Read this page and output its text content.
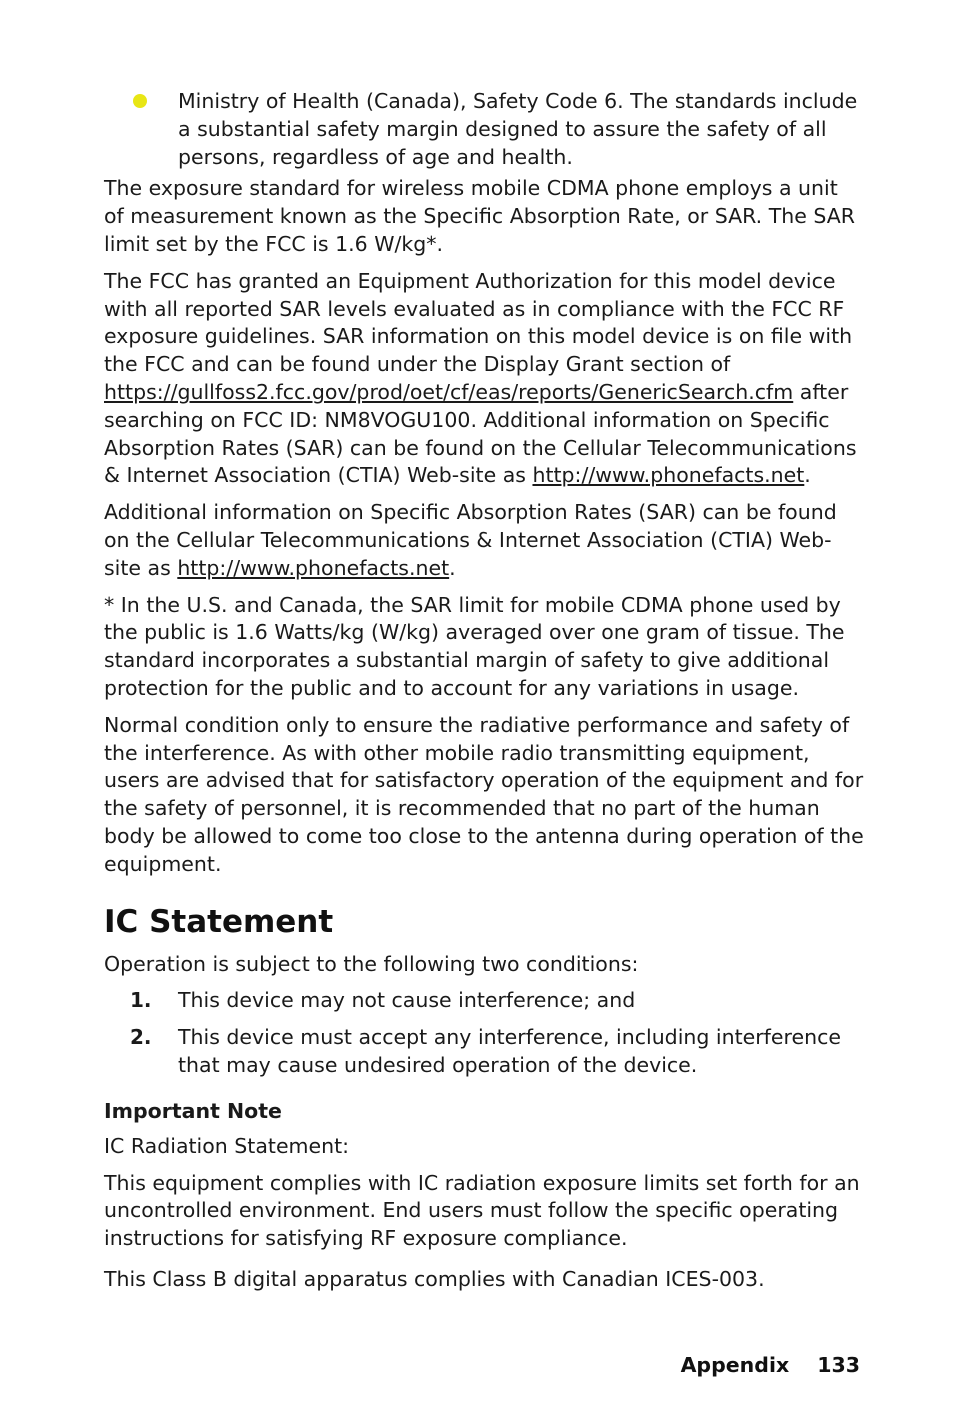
Ministry of Health (Canada), Safety Code 6. The standards include a substantial safety margin designed to assure the safety of all persons, regardless of age and health.

The exposure standard for wireless mobile CDMA phone employs a unit of measurement known as the Specific Absorption Rate, or SAR. The SAR limit set by the FCC is 1.6 W/kg*.

The FCC has granted an Equipment Authorization for this model device with all reported SAR levels evaluated as in compliance with the FCC RF exposure guidelines. SAR information on this model device is on file with the FCC and can be found under the Display Grant section of https://gullfoss2.fcc.gov/prod/oet/cf/eas/reports/GenericSearch.cfm after searching on FCC ID: NM8VOGU100. Additional information on Specific Absorption Rates (SAR) can be found on the Cellular Telecommunications & Internet Association (CTIA) Web-site as http://www.phonefacts.net.

Additional information on Specific Absorption Rates (SAR) can be found on the Cellular Telecommunications & Internet Association (CTIA) Web-site as http://www.phonefacts.net.

* In the U.S. and Canada, the SAR limit for mobile CDMA phone used by the public is 1.6 Watts/kg (W/kg) averaged over one gram of tissue. The standard incorporates a substantial margin of safety to give additional protection for the public and to account for any variations in usage.

Normal condition only to ensure the radiative performance and safety of the interference. As with other mobile radio transmitting equipment, users are advised that for satisfactory operation of the equipment and for the safety of personnel, it is recommended that no part of the human body be allowed to come too close to the antenna during operation of the equipment.

IC Statement

Operation is subject to the following two conditions:

1. This device may not cause interference; and

2. This device must accept any interference, including interference that may cause undesired operation of the device.

Important Note

IC Radiation Statement:

This equipment complies with IC radiation exposure limits set forth for an uncontrolled environment. End users must follow the specific operating instructions for satisfying RF exposure compliance.

This Class B digital apparatus complies with Canadian ICES-003.

Appendix 133
